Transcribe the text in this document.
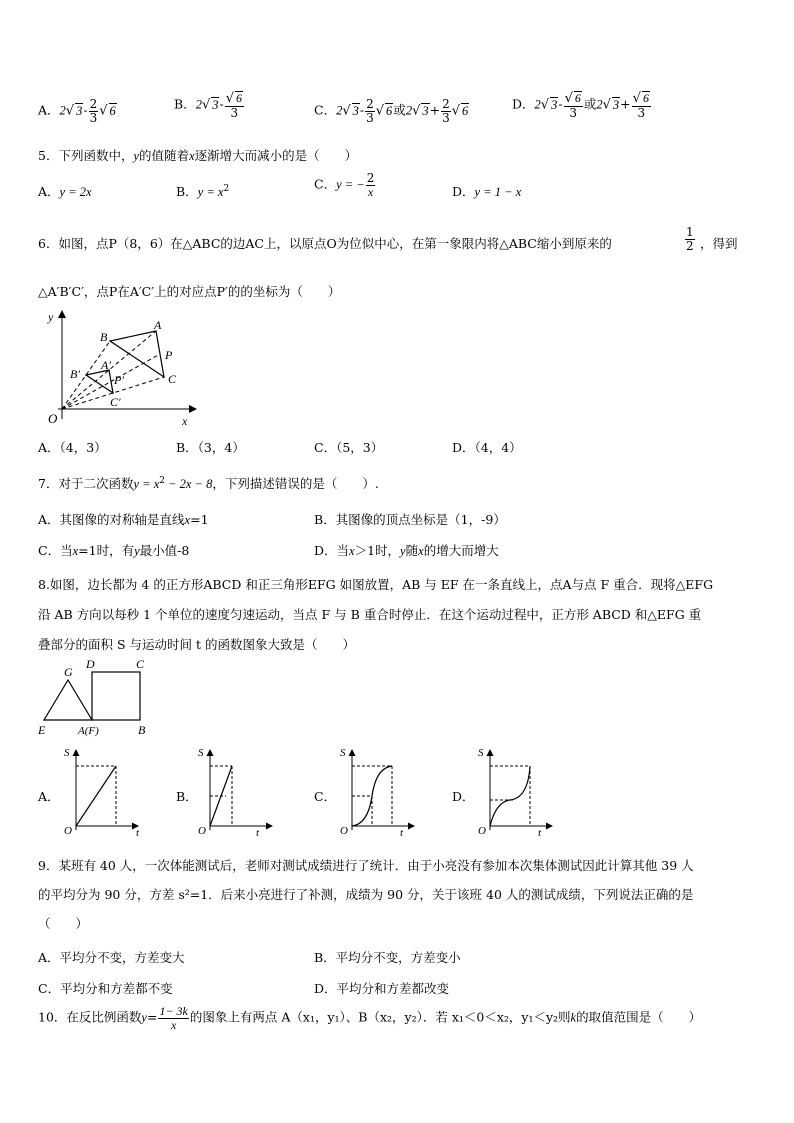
A．2√ $3- \frac{2}{3}$ √ 6	B．2√ $3- \frac{√ 6}{3}$	C．2√ $3- \frac{2}{3}$ √ 6或2√ $3+ \frac{2}{3}$ √ 6	D．2√ $3- \frac{√ 6}{3}$ 或2√ $3+ \frac{√ 6}{3}$
5．下列函数中，y的值随着x逐渐增大而减小的是（　　）
A．y = 2x	B．$y = x^2$	C．y = − $\frac{2}{x}$	D．y = 1 − x
6．如图，点P（8，6）在△ABC的边AC上，以原点O为位似中心，在第一象限内将△ABC缩小到原来的	$\frac{1}{2}$ ，得到
△A′B′C′，点P在A′C′上的对应点P′的的坐标为（　　）
y
x
O
A
B
C
P
A′
B′
C′
P′
A．（4，3）	B．（3，4）	C．（5，3）	D．（4，4）
7．对于二次函数$y = x^2 - 2x - 8$，下列描述错误的是（　　）.
A．其图像的对称轴是直线x=1	B．其图像的顶点坐标是（1，-9）
C．当x=1时，有y最小值-8	D．当x＞1时，y随x的增大而增大
8.如图，边长都为 4 的正方形ABCD 和正三角形EFG 如图放置，AB 与 EF 在一条直线上，点A与点 F 重合．现将△EFG
沿 AB 方向以每秒 1 个单位的速度匀速运动，当点 F 与 B 重合时停止．在这个运动过程中，正方形 ABCD 和△EFG 重
叠部分的面积 S 与运动时间 t 的函数图象大致是（　　）
G
D	C
E	A(F)	B
A．
S
O	t
B．
S
O	t
C．
S
O	t
D．
S
O	t
9．某班有 40 人，一次体能测试后，老师对测试成绩进行了统计．由于小亮没有参加本次集体测试因此计算其他 39 人
的平均分为 90 分，方差 s²=1．后来小亮进行了补测，成绩为 90 分，关于该班 40 人的测试成绩，下列说法正确的是
（　　）
A．平均分不变，方差变大	B．平均分不变，方差变小
C．平均分和方差都不变	D．平均分和方差都改变
10．在反比例函数$y= \frac{1- 3k}{x}$ 的图象上有两点 A（x₁，y₁）、B（x₂，y₂）．若 x₁＜0＜x₂，y₁＜y₂则k的取值范围是（　　）
